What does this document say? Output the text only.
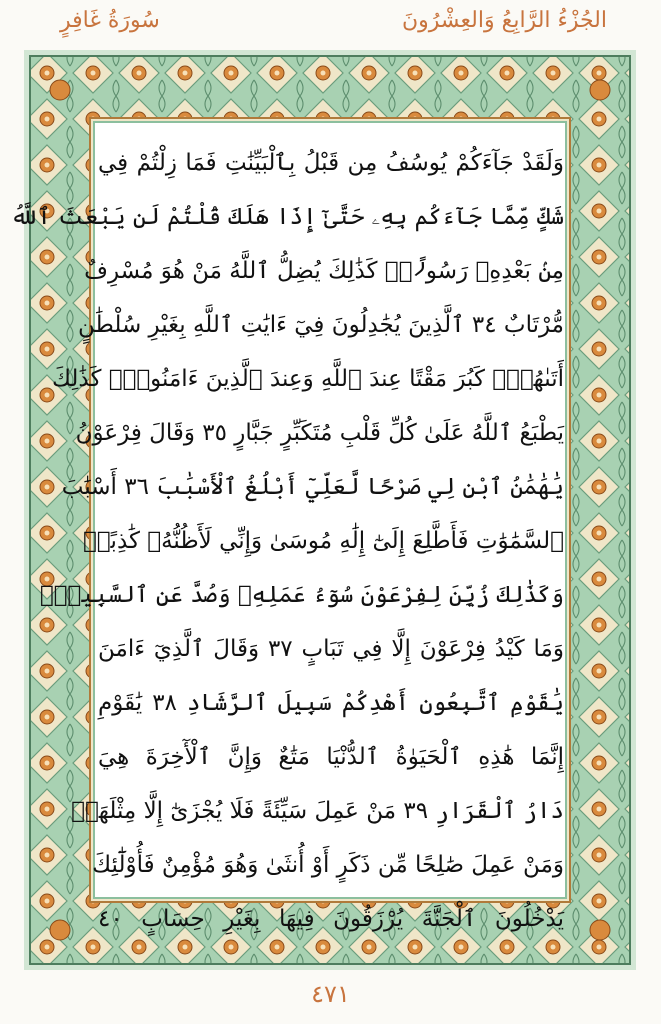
الجُزْءُ الرَّابِعُ وَالعِشْرُونَ
سُورَةُ غَافِرٍ
وَلَقَدْ جَآءَكُمْ يُوسُفُ مِن قَبْلُ بِٱلْبَيِّنَٰتِ فَمَا زِلْتُمْ فِي
شَكٍّ مِّمَّا جَآءَكُم بِهِۦ حَتَّىٰٓ إِذَا هَلَكَ قُلْتُمْ لَن يَبْعَثَ ٱللَّهُ
مِنۢ بَعْدِهِۦ رَسُولًاۚ كَذَٰلِكَ يُضِلُّ ٱللَّهُ مَنْ هُوَ مُسْرِفٌ
مُّرْتَابٌ ٣٤ ٱلَّذِينَ يُجَٰدِلُونَ فِيٓ ءَايَٰتِ ٱللَّهِ بِغَيْرِ سُلْطَٰنٍ
أَتَىٰهُمْۖ كَبُرَ مَقْتًا عِندَ ٱللَّهِ وَعِندَ ٱلَّذِينَ ءَامَنُواْۚ كَذَٰلِكَ
يَطْبَعُ ٱللَّهُ عَلَىٰ كُلِّ قَلْبِ مُتَكَبِّرٍ جَبَّارٍ ٣٥ وَقَالَ فِرْعَوْنُ
يَٰهَٰمَٰنُ ٱبْنِ لِي صَرْحًا لَّعَلِّيٓ أَبْلُغُ ٱلْأَسْبَٰبَ ٣٦ أَسْبَٰبَ
ٱلسَّمَٰوَٰتِ فَأَطَّلِعَ إِلَىٰٓ إِلَٰهِ مُوسَىٰ وَإِنِّي لَأَظُنُّهُۥ كَٰذِبًاۚ
وَكَذَٰلِكَ زُيِّنَ لِفِرْعَوْنَ سُوٓءُ عَمَلِهِۦ وَصُدَّ عَنِ ٱلسَّبِيلِۚ
وَمَا كَيْدُ فِرْعَوْنَ إِلَّا فِي تَبَابٍ ٣٧ وَقَالَ ٱلَّذِيٓ ءَامَنَ
يَٰقَوْمِ ٱتَّبِعُونِ أَهْدِكُمْ سَبِيلَ ٱلرَّشَادِ ٣٨ يَٰقَوْمِ
إِنَّمَا هَٰذِهِ ٱلْحَيَوٰةُ ٱلدُّنْيَا مَتَٰعٌ وَإِنَّ ٱلْأٓخِرَةَ هِيَ
دَارُ ٱلْقَرَارِ ٣٩ مَنْ عَمِلَ سَيِّئَةً فَلَا يُجْزَىٰٓ إِلَّا مِثْلَهَاۖ
وَمَنْ عَمِلَ صَٰلِحًا مِّن ذَكَرٍ أَوْ أُنثَىٰ وَهُوَ مُؤْمِنٌ فَأُوْلَٰٓئِكَ
يَدْخُلُونَ ٱلْجَنَّةَ يُرْزَقُونَ فِيهَا بِغَيْرِ حِسَابٍ ٤٠
٤٧١
